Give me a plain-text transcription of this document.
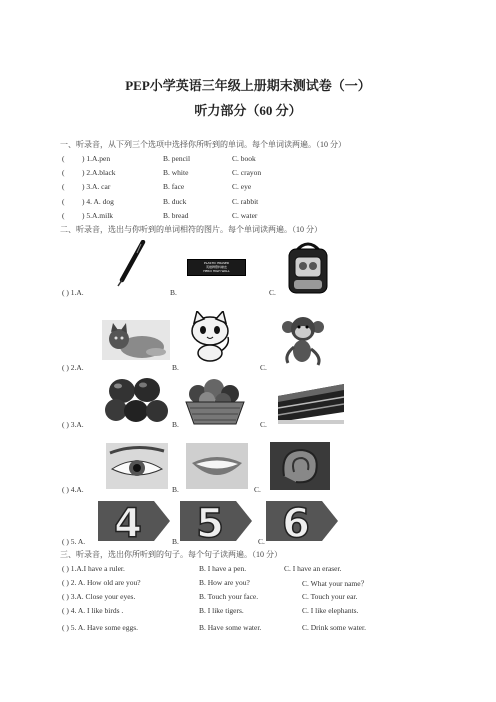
PEP小学英语三年级上册期末测试卷（一）
听力部分（60 分）
一、听录音，从下列三个选项中选择你所听到的单词。每个单词读两遍。（10 分）
( ) 1.A.pen	B. pencil	C. book
( ) 2.A.black	B. white	C. crayon
( ) 3.A. car	B. face	C. eye
( ) 4. A. dog	B. duck	C. rabbit
( ) 5.A.milk	B. bread	C. water
二、听录音，选出与你听到的单词相符的图片。每个单词读两遍。（10 分）
PLASTIC ERASER
英雄牌塑料橡皮
HERO HIGH WALL
( ) 1.A.	B.	C.
( ) 2.A.	B.	C.
( ) 3.A.	B.	C.
( ) 4.A.	B.	C.
4 5 6
( ) 5. A.	B.	C.
三、听录音，选出你所听到的句子。每个句子读两遍。（10 分）
( ) 1.A.I have a ruler.	B. I have a pen.	C. I have an eraser.
( ) 2. A. How old are you?	B. How are you?	C. What your name？
( ) 3.A. Close your eyes.	B. Touch your face.	C. Touch your ear.
( ) 4. A. I like birds .	B. I like tigers.	C. I like elephants.
( ) 5. A. Have some eggs.	B. Have some water.	C. Drink some water.
